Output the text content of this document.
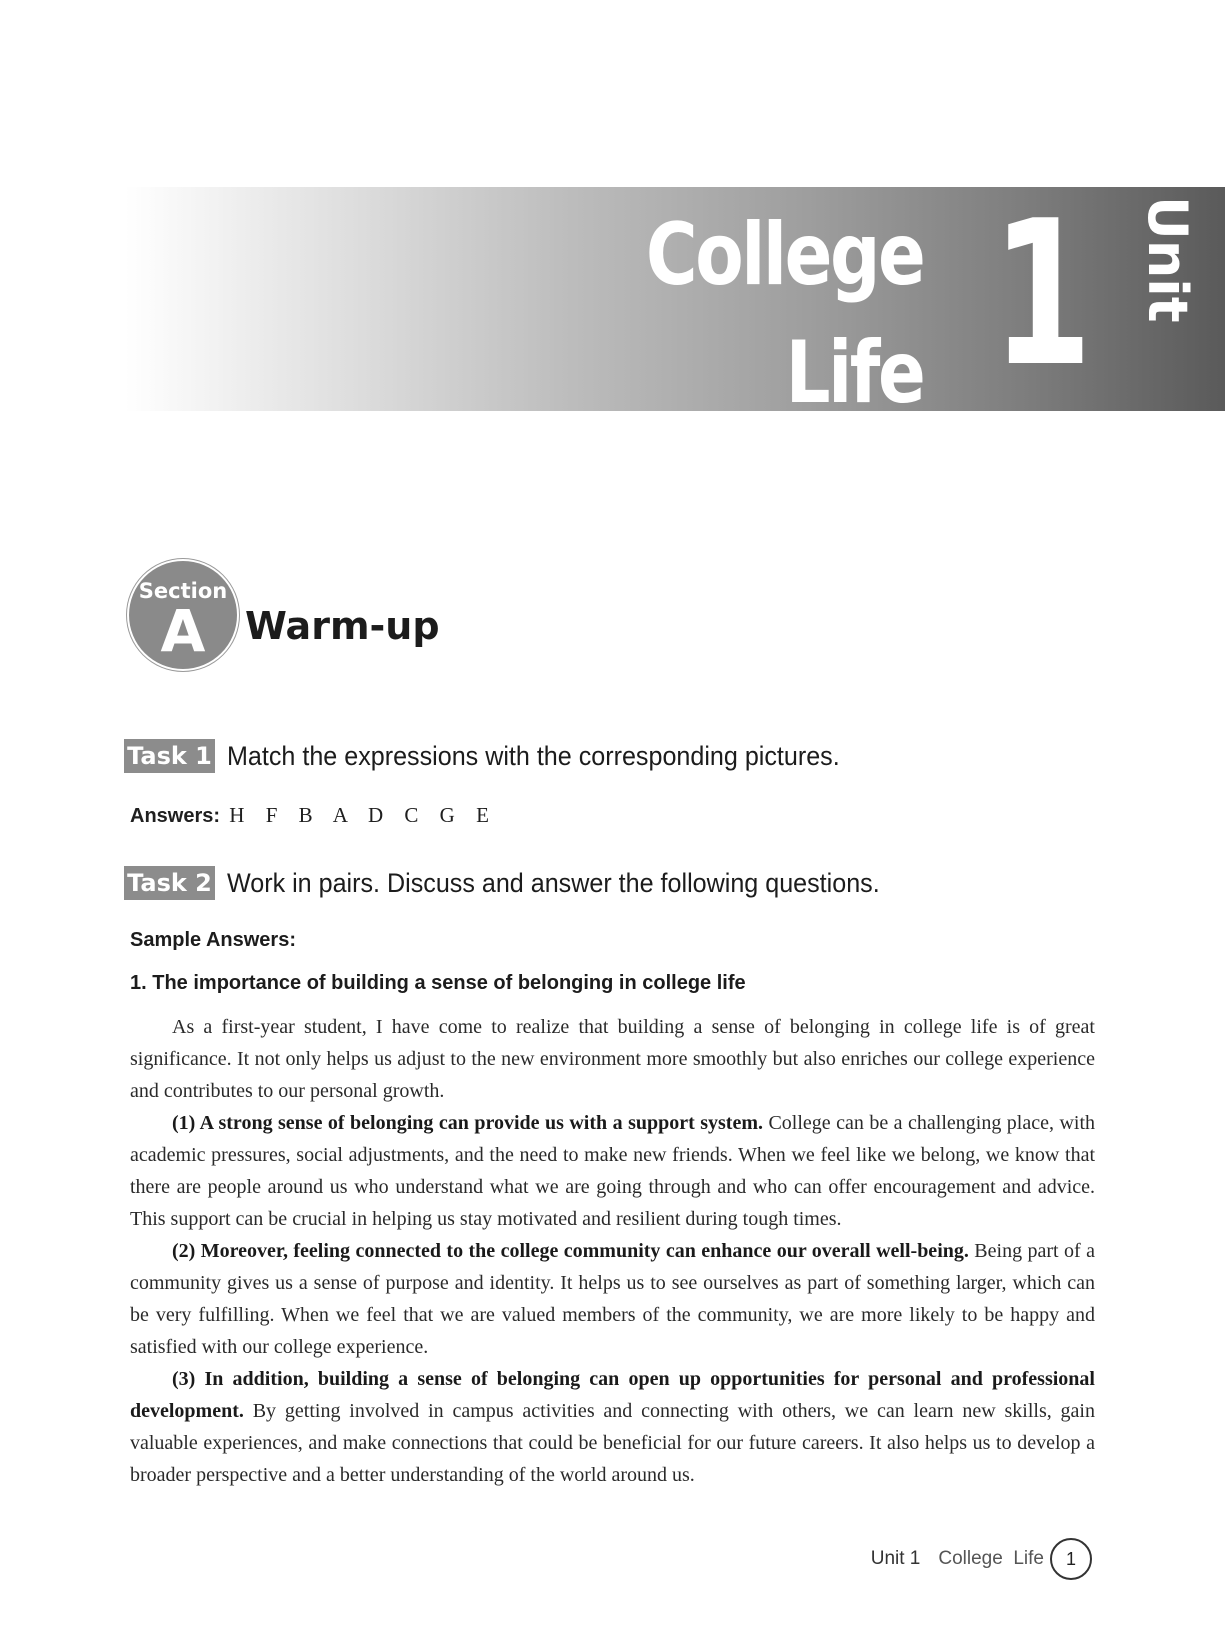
College
Life 1 Unit
Section
A	Warm-up
Task 1 Match the expressions with the corresponding pictures.
Answers: H F B A D C G E
Task 2 Work in pairs. Discuss and answer the following questions.
Sample Answers:
1. The importance of building a sense of belonging in college life

As a first-year student, I have come to realize that building a sense of belonging in college life is of great significance. It not only helps us adjust to the new environment more smoothly but also enriches our college experience and contributes to our personal growth.

(1) A strong sense of belonging can provide us with a support system. College can be a challenging place, with academic pressures, social adjustments, and the need to make new friends. When we feel like we belong, we know that there are people around us who understand what we are going through and who can offer encouragement and advice. This support can be crucial in helping us stay motivated and resilient during tough times.

(2) Moreover, feeling connected to the college community can enhance our overall well-being. Being part of a community gives us a sense of purpose and identity. It helps us to see ourselves as part of something larger, which can be very fulfilling. When we feel that we are valued members of the community, we are more likely to be happy and satisfied with our college experience.

(3) In addition, building a sense of belonging can open up opportunities for personal and professional development. By getting involved in campus activities and connecting with others, we can learn new skills, gain valuable experiences, and make connections that could be beneficial for our future careers. It also helps us to develop a broader perspective and a better understanding of the world around us.

Unit 1 College  Life	1
